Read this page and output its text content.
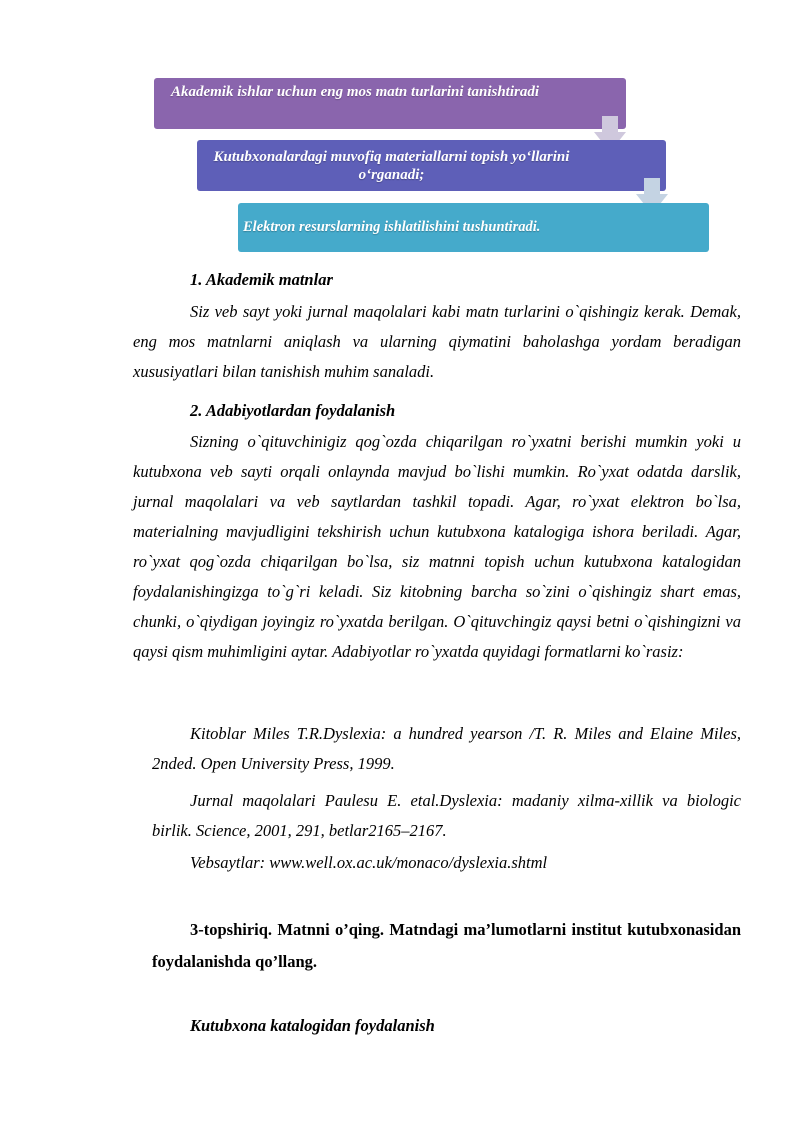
Akademik ishlar uchun eng mos matn turlarini tanishtiradi
Kutubxonalardagi muvofiq materiallarni topish yo‘llarini o‘rganadi;
Elektron resurslarning ishlatilishini tushuntiradi.

1. Akademik matnlar

Siz veb sayt yoki jurnal maqolalari kabi matn turlarini o`qishingiz kerak. Demak, eng mos matnlarni aniqlash va ularning qiymatini baholashga yordam beradigan xususiyatlari bilan tanishish muhim sanaladi.

2. Adabiyotlardan foydalanish

Sizning o`qituvchinigiz qog`ozda chiqarilgan ro`yxatni berishi mumkin yoki u kutubxona veb sayti orqali onlaynda mavjud bo`lishi mumkin. Ro`yxat odatda darslik, jurnal maqolalari va veb saytlardan tashkil topadi. Agar, ro`yxat elektron bo`lsa, materialning mavjudligini tekshirish uchun kutubxona katalogiga ishora beriladi. Agar, ro`yxat qog`ozda chiqarilgan bo`lsa, siz matnni topish uchun kutubxona katalogidan foydalanishingizga to`g`ri keladi. Siz kitobning barcha so`zini o`qishingiz shart emas, chunki, o`qiydigan joyingiz ro`yxatda berilgan. O`qituvchingiz qaysi betni o`qishingizni va qaysi qism muhimligini aytar. Adabiyotlar ro`yxatda quyidagi formatlarni ko`rasiz:

Kitoblar Miles T.R.Dyslexia: a hundred yearson /T. R. Miles and Elaine Miles, 2nded. Open University Press, 1999.

Jurnal maqolalari Paulesu E. etal.Dyslexia: madaniy xilma-xillik va biologic birlik. Science, 2001, 291, betlar2165–2167.

Vebsaytlar: www.well.ox.ac.uk/monaco/dyslexia.shtml

3-topshiriq. Matnni o’qing. Matndagi ma’lumotlarni institut kutubxonasidan foydalanishda qo’llang.

Kutubxona katalogidan foydalanish
